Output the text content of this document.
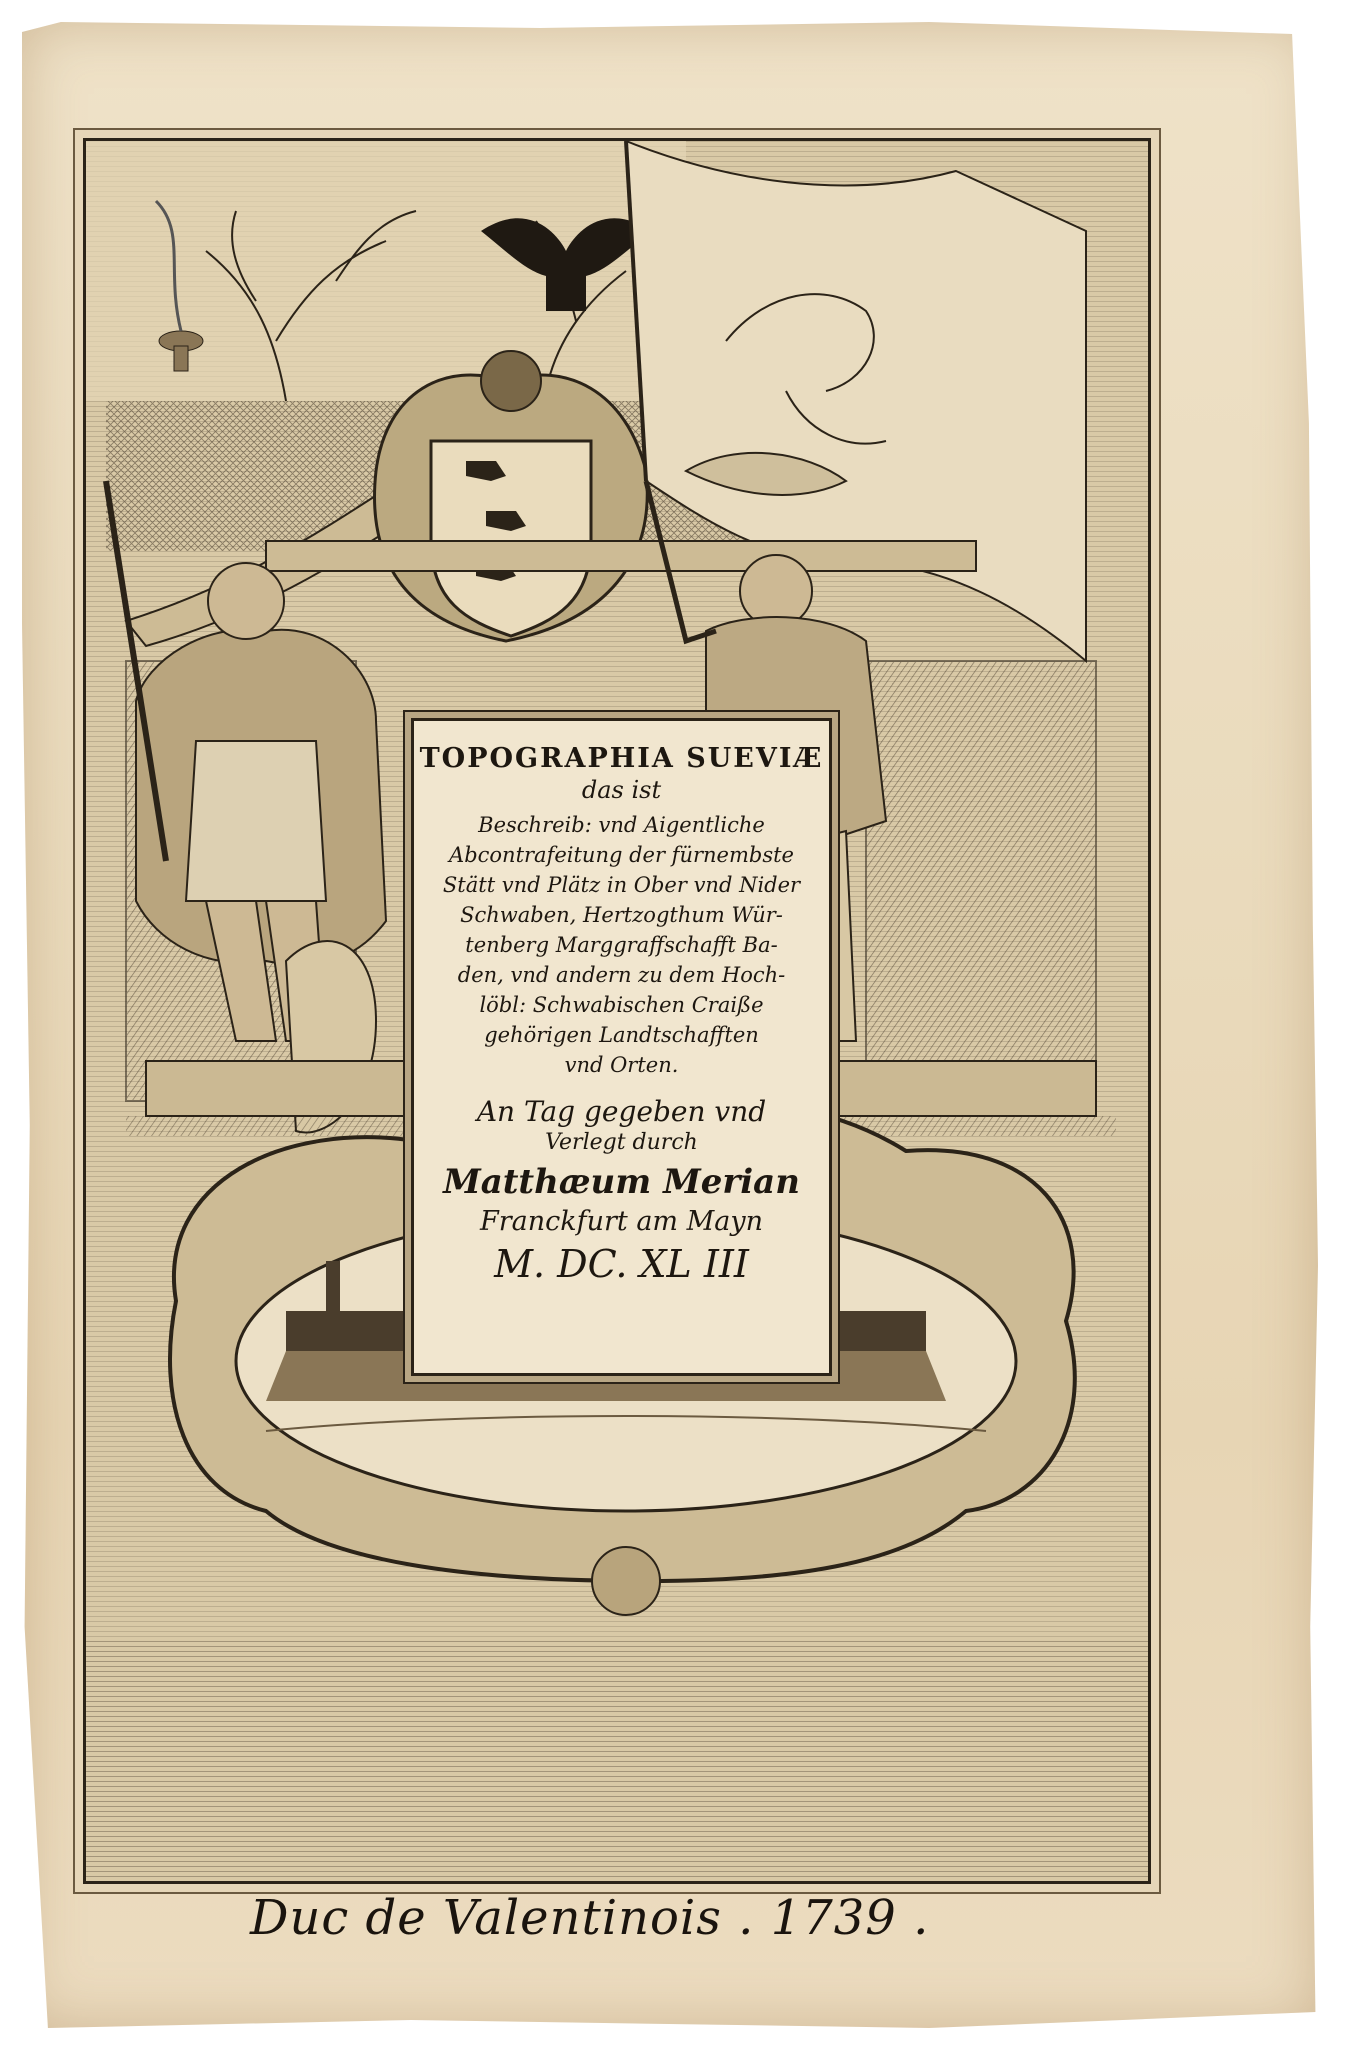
TOPOGRAPHIA SUEVIÆ
das ist
Beschreib: vnd Aigentliche
Abcontrafeitung der fürnembste
Stätt vnd Plätz in Ober vnd Nider
Schwaben, Hertzogthum Wür-
tenberg Marggraffschafft Ba-
den, vnd andern zu dem Hoch-
löbl: Schwabischen Craiße
gehörigen Landtschafften
vnd Orten.
An Tag gegeben vnd
Verlegt durch
Matthæum Merian
Franckfurt am Mayn
M. DC. XL III
Duc de Valentinois . 1739 .
